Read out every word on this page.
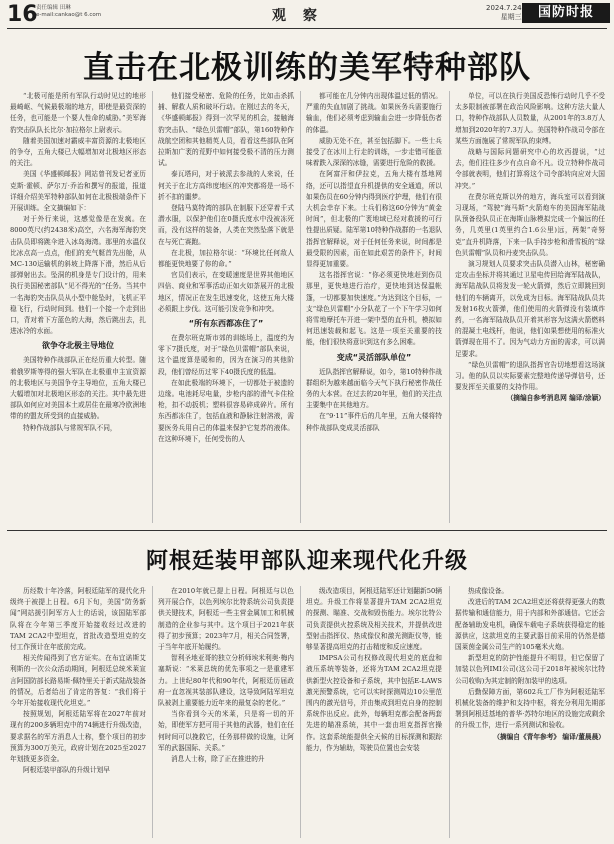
16
责任编辑 田琳
e-mail:cankao@t 6.com	观 察	2024.7.24
星期三	国防时报
直击在北极训练的美军特种部队

“北极可能是所有军队行动时见过的地形最崎岖、气候最极端的地方，即使是最资深的任务，也可能是一个要人性命的威胁。”美军海豹突击队队长比尔·加拉格尔上尉表示。

随着美国加速对霸威丰富资源的北极地区的争夺，五角大楼已大幅增加对北极地区形态的关注。

美国《华盛顿邮报》网站曾刊发记者亚历克斯·霍顿、萨尔万·乔治和撰写的报道，报道详细介绍美军特种部队如何在北极极端条件下开展训练。全文摘编如下：

对于外行来说，这感觉像是在发疯。在8000英尺(约2438米)高空，六名海军海豹突击队员即将跳伞进入冰岛海湾。那里的水温仅比冰点高一点点，他们的充气艇首先出舱，从MC-130运输机的斜坡上降落下滑，然后从后部弹射出去。坠洞的机身是专门设计的，用来执行美国秘密部队“见不得光的”任务。当其中一名海豹突击队员从小型中舱坠时，飞机正平稳飞行，行动时间到。他们一个接一个走到出口，背对着下方蓝色的大海，然后跳出去，扎进冰冷的水面。

欲争夺北极主导地位

美国特种作战部队正在经历重大转型。随着俄罗斯等得的强大军队在北极重申主宣资源的北极地区与美国争夺主导地位，五角大楼已大幅增加对北极地区形态的关注。其中最先进部队如何应对美国本土或居住在最寒冷欧洲地带的的盟友所受到的直接威胁。

特种作战部队与常规军队不同，

他们接受秘密、危险的任务，比如击杀抓捕、解救人质和破坏行动。在刚过去的冬天，《华盛顿邮报》得到一次罕见的机会，接触海豹突击队、“绿色贝雷帽”部队，第160特种作战航空团和其他精英人员，看看这些部队在阿拉斯加广袤的荒野中如何接受极不清的压力测试。

泰瓦塔问，对于被派去参战的人来说，任何关于在北方高纬度地区的冲突都将是一场不折不扣的噩梦。

登陆马莫特湾的部队在制服下还穿着千式潜水服，以保护他们在0摄氏度水中没被冻死而，没有这样的装备，人类在突然坠落下就是在与死亡赛跑。

在北极，加拉格尔说：“环境比任何敌人都能更快地要了你的命。”

官员们表示，在变暖速度是世界其他地区四倍、商业和军事活动正如火如荼展开的北极地区，情况正在发生迅速变化，这使五角大楼必须跟上步伐。这可能引发竞争和冲突。

“所有东西都冻住了”

在费尔班克斯市郊的训练场上，温度约为零下7摄氏度，对于“绿色贝雷帽”部队来说，这个温度算是暖和的，因为在演习的其他阶段，他们曾经历过零下40摄氏度的低温。

在如此极端的环境下，一切都处于被遗的边缘。电池耗尽电量，步枪内部的滑气卡住检枪，扣不动扳机；塑料很容易碎成碎片。所有东西都冻住了，包括血液和静脉注射溶液，需要医务兵用自己的体温来保护它复苏的液体。在这种环境下，任何受伤的人

都可能在几分钟内出现体温过低的情况。严重的失血加剧了挑战。如果医务兵需要施行输血，他们必须考虑到输血会进一步降低伤者的体温。

威胁无处不在，甚至包括脚下。一些士兵接受了在冰川上行走的训练，一步走错可能意味着跌入深深的冰缝，需要进行危险的救援。

在阿富汗和伊拉克，五角大楼有基地网络，还可以指望直升机提供的安全通道，所以如果伤员在60分钟内得到医疗护理，他们有很大机会幸存下来。士兵们称这60分钟为“黄金时间”，但北极的广袤地域已经对救援的可行性提出质疑。陆军第10特种作战群的一名退队指挥官解释说，对于任何任务来说，时间都是最受限的因素，而在如此艰苦的条件下，时间显得更加重要。

这名指挥官说：“你必须更快地赶到伤员那里，更快地进行治疗，更快地到达保温帐篷，一切都要加快速度。”为达到这个目标，一支“绿色贝雷帽”小分队花了一个下午学习如何将雪地摩托车开进一架中型的直升机，模拟如何迅速装载和起飞。这是一项至关重要的技能，他们很快将意识到这有多么困难。

变成“灵活部队单位”

近队指挥官解释说，如今，第10特种作战群组织为越来越面临今天气下执行秘密作战任务的大本营。在过去的20年里，他们的关注点主要集中在其他地方。

在“9·11”事件后的几年里，五角大楼将特种作战部队变成灵活部队

单位，可以在执行美国反恐怖行动时几乎不受太多限制被部署在政治风险影响。这种方法大量人口，特种作战部队人员数量，从2001年的3.8万人增加到2020年的7.3万人。美国特种作战司令部在某些方面施展了常规军队的束缚。

战略与国际问题研究中心的坎西提说，“过去，他们往往多少有点自命不凡。设立特种作战司令部就表明，他们打算将这个司令部转向应对大国冲突。”

在费尔班克斯以外的地方，海兵室可以看到演习现场，“驾驶”海马斯”火箭炮车的美国海军陆战队预备役队员正在海斯山脉模拟完成一个偏远的任务，几英里(1英里约合1.6公里)远，两架“奇努克”直升机降落，下来一队手持步枪和滑雪板的“绿色贝雷帽”队员和丹麦突击队员。

演习规划人员要求突击队员潜入山林，秘密确定攻击坐标并将其通过卫星电传回给海军陆战队，海军陆战队员将发发一轮火箭弹，然后立即跳回到他们的车辆离开，以免成为目标。海军陆战队员共发射16枚火箭弹，他们使用的火箭弹没有装填炸药，一名海军陆战队员开着其形容为这满火箭燃料的混凝土电线杆，他说，他们如果想使用的标准火箭弹现在用不了。因为气动力方面的需求，可以满足要求。

“绿色贝雷帽”的退队指挥官告切地想看这场演习。他的队员以实际要素完整地传递导弹信号，还要发挥至关重要的支持作用。

（摘编自参考消息网 编译/涂颖）

阿根廷装甲部队迎来现代化升级

历经数十年冷落，阿根廷陆军的现代化升级终于被提上日程。6月下旬，美国“防务新闻”网站援引阿军方人士的话说，该国陆军部队将在今年第三季度开始接收经过改进的TAM 2CA2中型坦克，首批改造型坦克的交付工作预计在年底前完成。

相关传闻得到了官方证实。在布宜诺斯艾利斯的一次公众活动期间，阿根廷总统米莱宣言阿国防部长路易斯·佩特里关于新式陆战装备的情况，后者给出了肯定的答复：“我们将于今年开始接收现代化坦克。”

按照规划，阿根廷陆军将在2027年前对现有的200多辆坦克中的74辆进行升级改造，要求据名的军方消息人士称，整个项目的初步预算为300万美元，政府计划在2025至2027年划拨更多资金。

阿根廷装甲部队的升级计划早

在2010年就已提上日程。阿根廷与以色列开展合作，以色列埃尔比特系统公司负责提供关键技术，阿根廷一些主营金属加工和机械制造的企业参与其中。这个项目于2021年获得了初步预算；2023年7月，相关合同签署，于当年年底开始履约。

智利圣地亚哥的独立分析师埃米利奥·梅内塞斯说：“米莱总统的优先事项之一是重建军力。上世纪80年代和90年代，阿根廷历届政府一直忽视其装部队建设，这导致阿陆军坦克队被剥上重要能力近年来的最复杂的老化。”

当你看到今天的米莱，只是将一切的开始，即使军方把可用于其他的武器，他们在任何时间可以挽救它，任务那样做的设施，让阿军的武器国际、关系。”

消息人士称，除了正在推进的升

级改造项目，阿根廷陆军还计划翻新50辆坦克。升级工作将显著提升TAM 2CA2坦克的探测、瞄准、交战和毁伤能力。埃尔比特公司负责提供火控系统及相关技术，并提供改进型射击指挥仪、热成像仪和激光测距仪等，能够显著提高坦克的打击精度和反应速度。

IMPSA公司有权修改现代坦克的底盘和液压系统等装备，还将为TAM 2CA2坦克提供新型火控设备和子系统，其中包括E-LAWS激光预警系统，它可以实时探测周边10公里范围内的激光信号，并由集成到坦克自身的控制系统作出反应。此外，每辆坦克都会配备两套先进的瞄准系统，其中一套由坦克指挥官操作。这套系统能提供全天候的目标探测和跟踪能力，作为辅助，驾驶员位置也会安装

热成像设备。

改进后的TAM 2CA2坦克还将获得更强大的数据传输和通信能力，用于内部和外部通信。它还会配备辅助发电机，确保车载电子系统获得稳定的能源供应，这款坦克的主要武器目前采用的仍然是德国莱茵金属公司生产的105毫米火炮。

新型坦克的防护性能提升不明显，但它保留了加装以色列IMI公司(这公司于2018年被埃尔比特公司收购)为其定制的附加装甲的选项。

后勤保障方面，第602兵工厂作为阿根廷陆军机械化装备的维护和支持中枢，将充分利用先期部署到阿根廷基地的普华·苏特尔地区的设施完成剩余的升级工作，进行一系列测试和验收。

（摘编自《青年参考》 编译/董晨晨）
